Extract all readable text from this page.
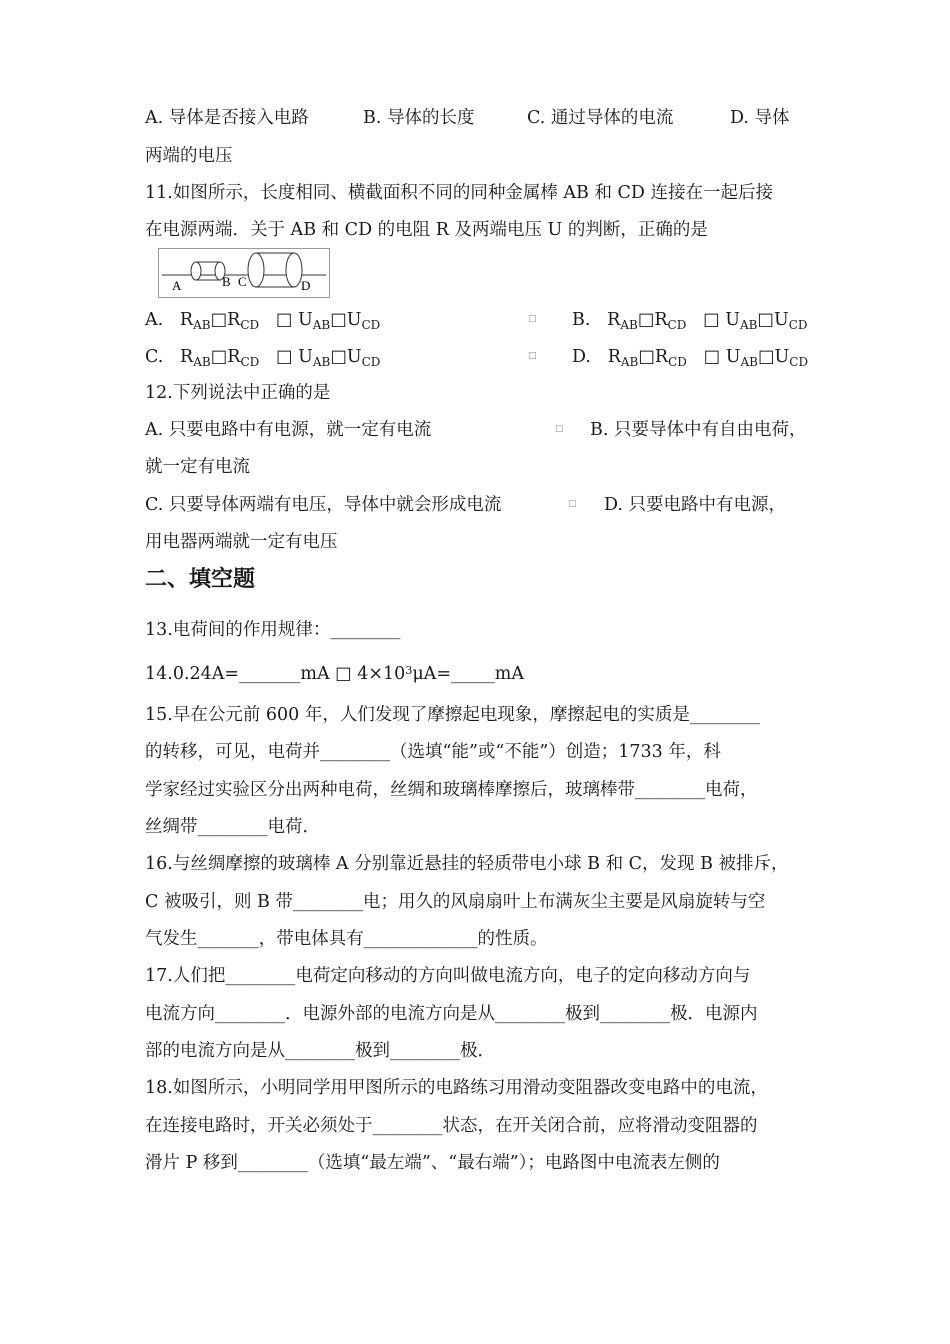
A. 导体是否接入电路	B. 导体的长度	C. 通过导体的电流	D. 导体
两端的电压
11.如图所示，长度相同、横截面积不同的同种金属棒 AB 和 CD 连接在一起后接
在电源两端．关于 AB 和 CD 的电阻 R 及两端电压 U 的判断，正确的是
A	B C	D
A. $R_{AB}□R_{CD}$ □ $U_{AB}□U_{CD}$	□ B. $R_{AB}□R_{CD}$ □ $U_{AB}□U_{CD}$
C. $R_{AB}□R_{CD}$ □ $U_{AB}□U_{CD}$	□ D. $R_{AB}□R_{CD}$ □ $U_{AB}□U_{CD}$
12.下列说法中正确的是
A. 只要电路中有电源，就一定有电流	□ B. 只要导体中有自由电荷，
就一定有电流
C. 只要导体两端有电压，导体中就会形成电流	□ D. 只要电路中有电源，
用电器两端就一定有电压
二、填空题
13.电荷间的作用规律：________
14.0.24A=_______mA □ $4\times 10^3\mu A=\_\_\_\_\_mA$
15.早在公元前 600 年，人们发现了摩擦起电现象，摩擦起电的实质是________
的转移，可见，电荷并________（选填“能”或“不能”）创造；1733 年，科
学家经过实验区分出两种电荷，丝绸和玻璃棒摩擦后，玻璃棒带________电荷，
丝绸带________电荷．
16.与丝绸摩擦的玻璃棒 A 分别靠近悬挂的轻质带电小球 B 和 C，发现 B 被排斥，
C 被吸引，则 B 带________电；用久的风扇扇叶上布满灰尘主要是风扇旋转与空
气发生_______，带电体具有_____________的性质。
17.人们把________电荷定向移动的方向叫做电流方向，电子的定向移动方向与
电流方向________．电源外部的电流方向是从________极到________极．电源内
部的电流方向是从________极到________极．
18.如图所示，小明同学用甲图所示的电路练习用滑动变阻器改变电路中的电流，
在连接电路时，开关必须处于________状态，在开关闭合前，应将滑动变阻器的
滑片 P 移到________（选填“最左端”、“最右端”）；电路图中电流表左侧的
